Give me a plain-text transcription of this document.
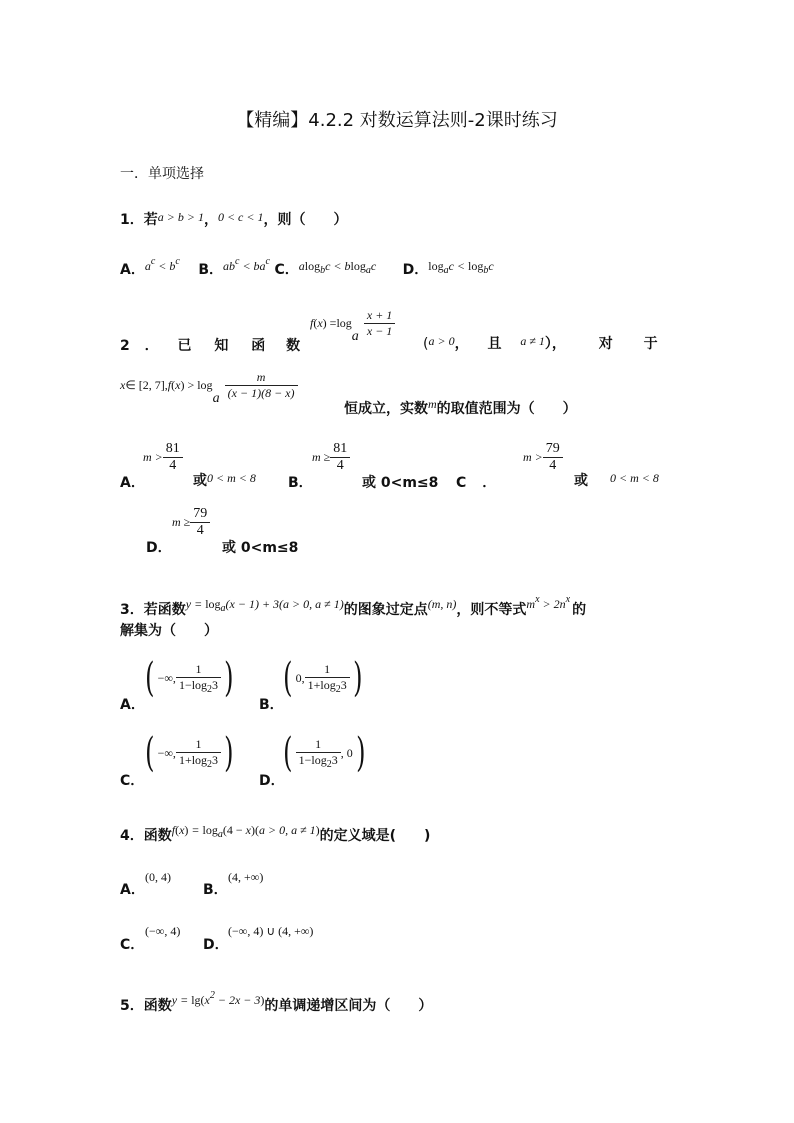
【精编】4.2.2 对数运算法则-2课时练习
一．单项选择
1．若a > b > 1，0 < c < 1，则（　　）
A．$a^c < b^c$ B．$ab^c < ba^c$ C．alog$_b$c < blog$_a$c D．$\log_ac < \log_bc$
$f(x) =\log_a \frac{x + 1}{x - 1}$
2 ． 已 知 函 数	(a > 0， 且 a ≠ 1）， 对 于
x∈ [2, $7],f(x) > \log_a \frac{m}{(x - 1)(8 - x)}$
恒成立，实数m的取值范围为（　　）
A．
$m > \frac{81}{4}$
或0 < m < 8 B．
$m \ge \frac{81}{4}$
或 0<m≤8 C ．
$m > \frac{79}{4}$
或 0 < m < 8
D．
$m \ge \frac{79}{4}$
或 0<m≤8
3．若函数$y = \log_a(x - 1) + 3(a > 0$, a ≠ 1)的图象过定点(m, n)，则不等式$m^x > 2n^x$的
解集为（　　）
A．
( −∞, $\frac{1}{1-\log_23}$ )
B．
( 0, $\frac{1}{1+\log_23}$ )
C．
( −∞, $\frac{1}{1+\log_23}$ )
D．
( $\frac{1}{1-\log_23}$ , 0)
4．函数$f(x) = \log_a(4 - x)(a > 0$, a ≠ 1)的定义域是(　　)
A．
(0, 4)
B．
(4, +∞)
C．
(−∞, 4)
D．
(−∞, 4) ∪ (4, +∞)
5．函数$y = \lg(x^2 - 2x - 3)$的单调递增区间为（　　）
